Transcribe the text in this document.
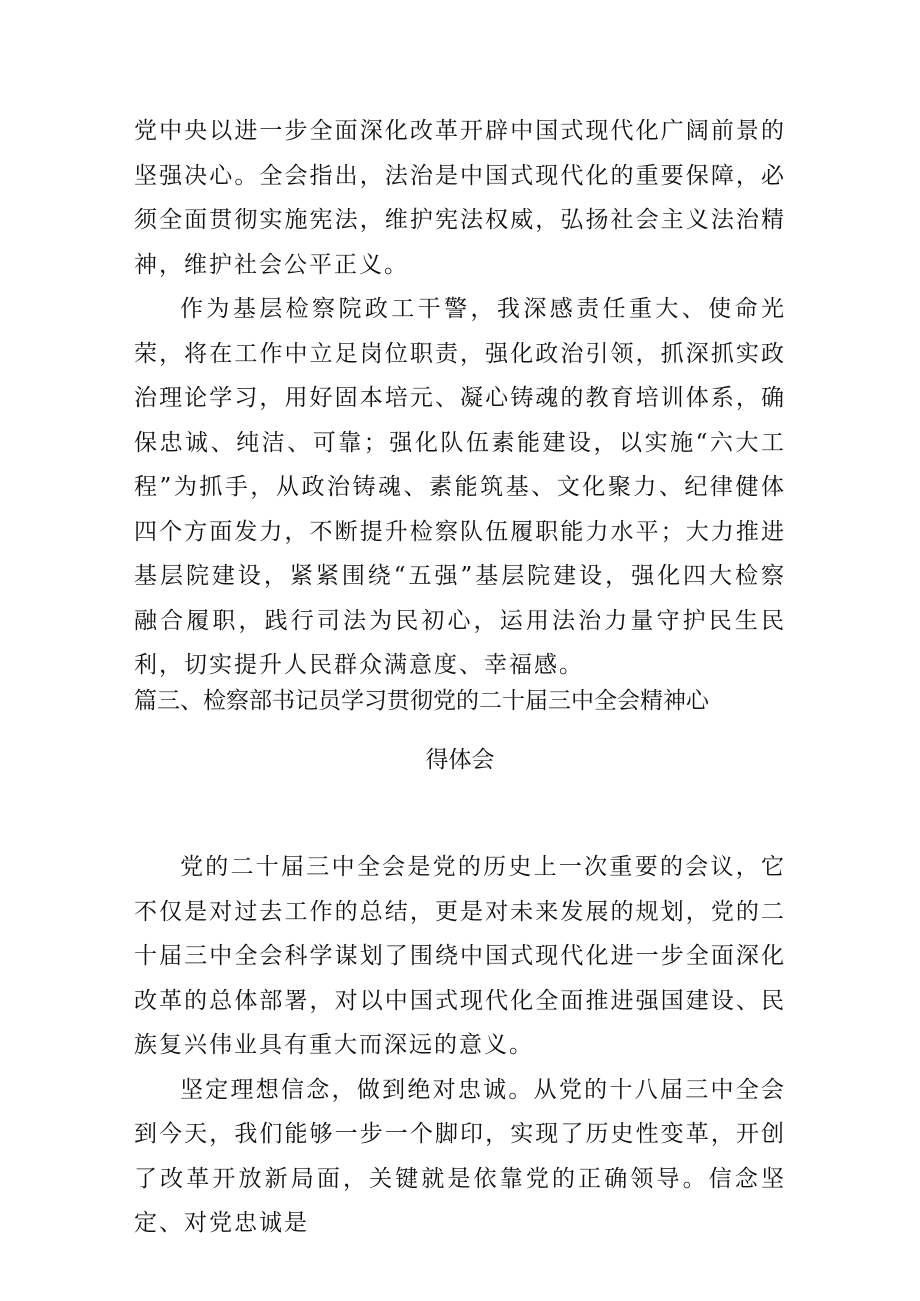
党中央以进一步全面深化改革开辟中国式现代化广阔前景的坚强决心。全会指出，法治是中国式现代化的重要保障，必须全面贯彻实施宪法，维护宪法权威，弘扬社会主义法治精神，维护社会公平正义。

作为基层检察院政工干警，我深感责任重大、使命光荣，将在工作中立足岗位职责，强化政治引领，抓深抓实政治理论学习，用好固本培元、凝心铸魂的教育培训体系，确保忠诚、纯洁、可靠；强化队伍素能建设，以实施“六大工程”为抓手，从政治铸魂、素能筑基、文化聚力、纪律健体四个方面发力，不断提升检察队伍履职能力水平；大力推进基层院建设，紧紧围绕“五强”基层院建设，强化四大检察融合履职，践行司法为民初心，运用法治力量守护民生民利，切实提升人民群众满意度、幸福感。

篇三、检察部书记员学习贯彻党的二十届三中全会精神心
得体会

党的二十届三中全会是党的历史上一次重要的会议，它不仅是对过去工作的总结，更是对未来发展的规划，党的二十届三中全会科学谋划了围绕中国式现代化进一步全面深化改革的总体部署，对以中国式现代化全面推进强国建设、民族复兴伟业具有重大而深远的意义。

坚定理想信念，做到绝对忠诚。从党的十八届三中全会到今天，我们能够一步一个脚印，实现了历史性变革，开创了改革开放新局面，关键就是依靠党的正确领导。信念坚定、对党忠诚是
